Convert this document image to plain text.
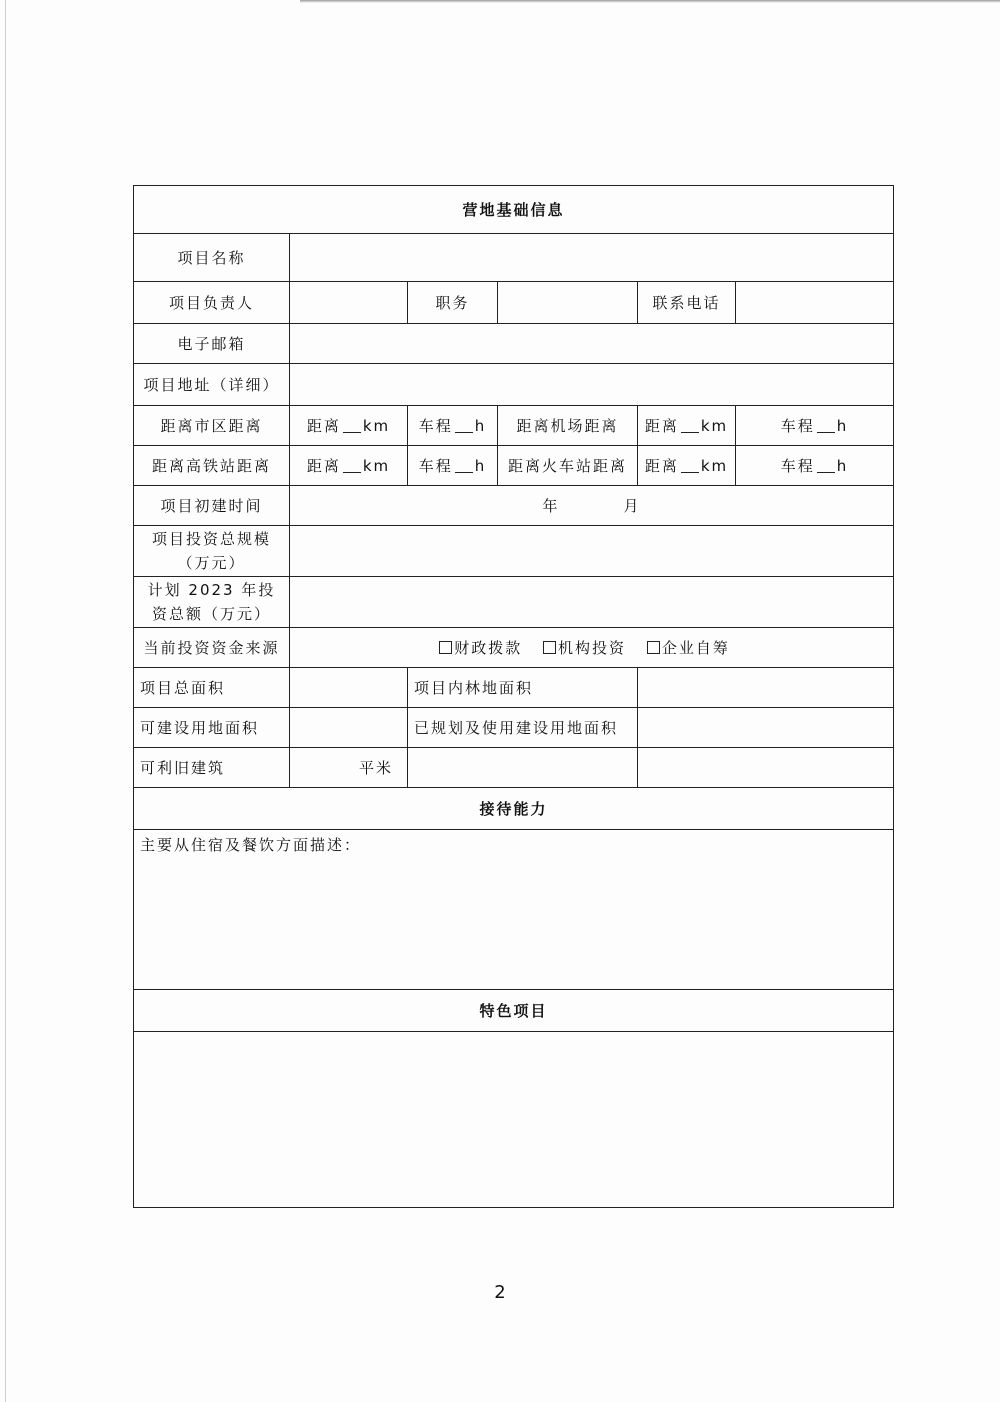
营地基础信息					
项目名称					
项目负责人		职务		联系电话	
电子邮箱					
项目地址（详细）					
距离市区距离	距离 km	车程 h	距离机场距离	距离 km	车程 h
距离高铁站距离	距离 km	车程 h	距离火车站距离	距离 km	车程 h
项目初建时间	年 月				
项目投资总规模（万元）					
计划 2023 年投资总额（万元）					
当前投资资金来源	财政拨款 机构投资 企业自筹				
项目总面积		项目内林地面积			
可建设用地面积		已规划及使用建设用地面积			
可利旧建筑	平米				
接待能力					
主要从住宿及餐饮方面描述：					
特色项目					

2
